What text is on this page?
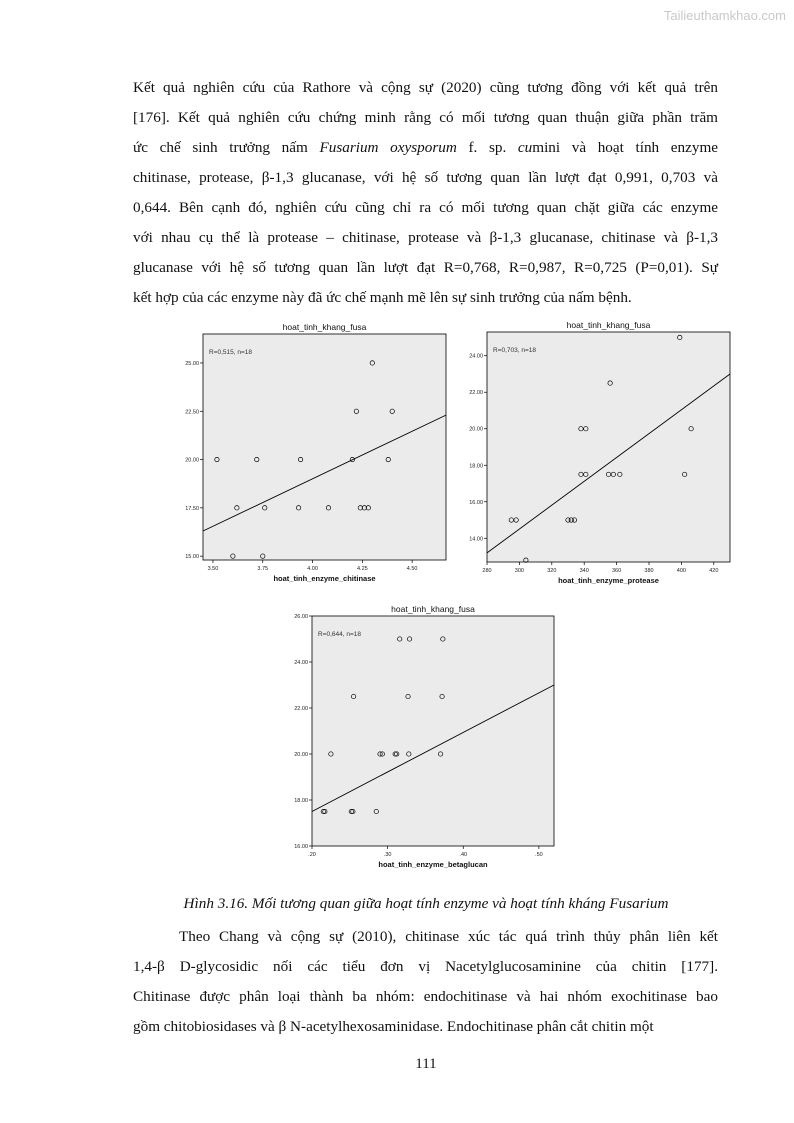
Tailieuthamkhao.com
Kết quả nghiên cứu của Rathore và cộng sự (2020) cũng tương đồng với kết quả trên
[176]. Kết quả nghiên cứu chứng minh rằng có mối tương quan thuận giữa phần trăm
ức chế sinh trưởng nấm Fusarium oxysporum f. sp. cumini và hoạt tính enzyme
chitinase, protease, β-1,3 glucanase, với hệ số tương quan lần lượt đạt 0,991, 0,703 và
0,644. Bên cạnh đó, nghiên cứu cũng chỉ ra có mối tương quan chặt giữa các enzyme
với nhau cụ thể là protease – chitinase, protease và β-1,3 glucanase, chitinase và β-1,3
glucanase với hệ số tương quan lần lượt đạt R=0,768, R=0,987, R=0,725 (P=0,01). Sự
kết hợp của các enzyme này đã ức chế mạnh mẽ lên sự sinh trưởng của nấm bệnh.
hoat_tinh_khang_fusa
R=0,515, n=18
15.00
17.50
20.00
22.50
25.00
3.50	3.75	4.00	4.25	4.50
hoat_tinh_enzyme_chitinase
hoat_tinh_khang_fusa
R=0,703, n=18
14.00
16.00
18.00
20.00
22.00
24.00
280	300	320	340	360	380	400	420
hoat_tinh_enzyme_protease
hoat_tinh_khang_fusa
R=0,644, n=18
16.00
18.00
20.00
22.00
24.00
26.00
.20	.30	.40	.50
hoat_tinh_enzyme_betaglucan
Hình 3.16. Mối tương quan giữa hoạt tính enzyme và hoạt tính kháng Fusarium
Theo Chang và cộng sự (2010), chitinase xúc tác quá trình thủy phân liên kết
1,4-β D-glycosidic nối các tiểu đơn vị Nacetylglucosaminine của chitin [177].
Chitinase được phân loại thành ba nhóm: endochitinase và hai nhóm exochitinase bao
gồm chitobiosidases và β N-acetylhexosaminidase. Endochitinase phân cắt chitin một
111
